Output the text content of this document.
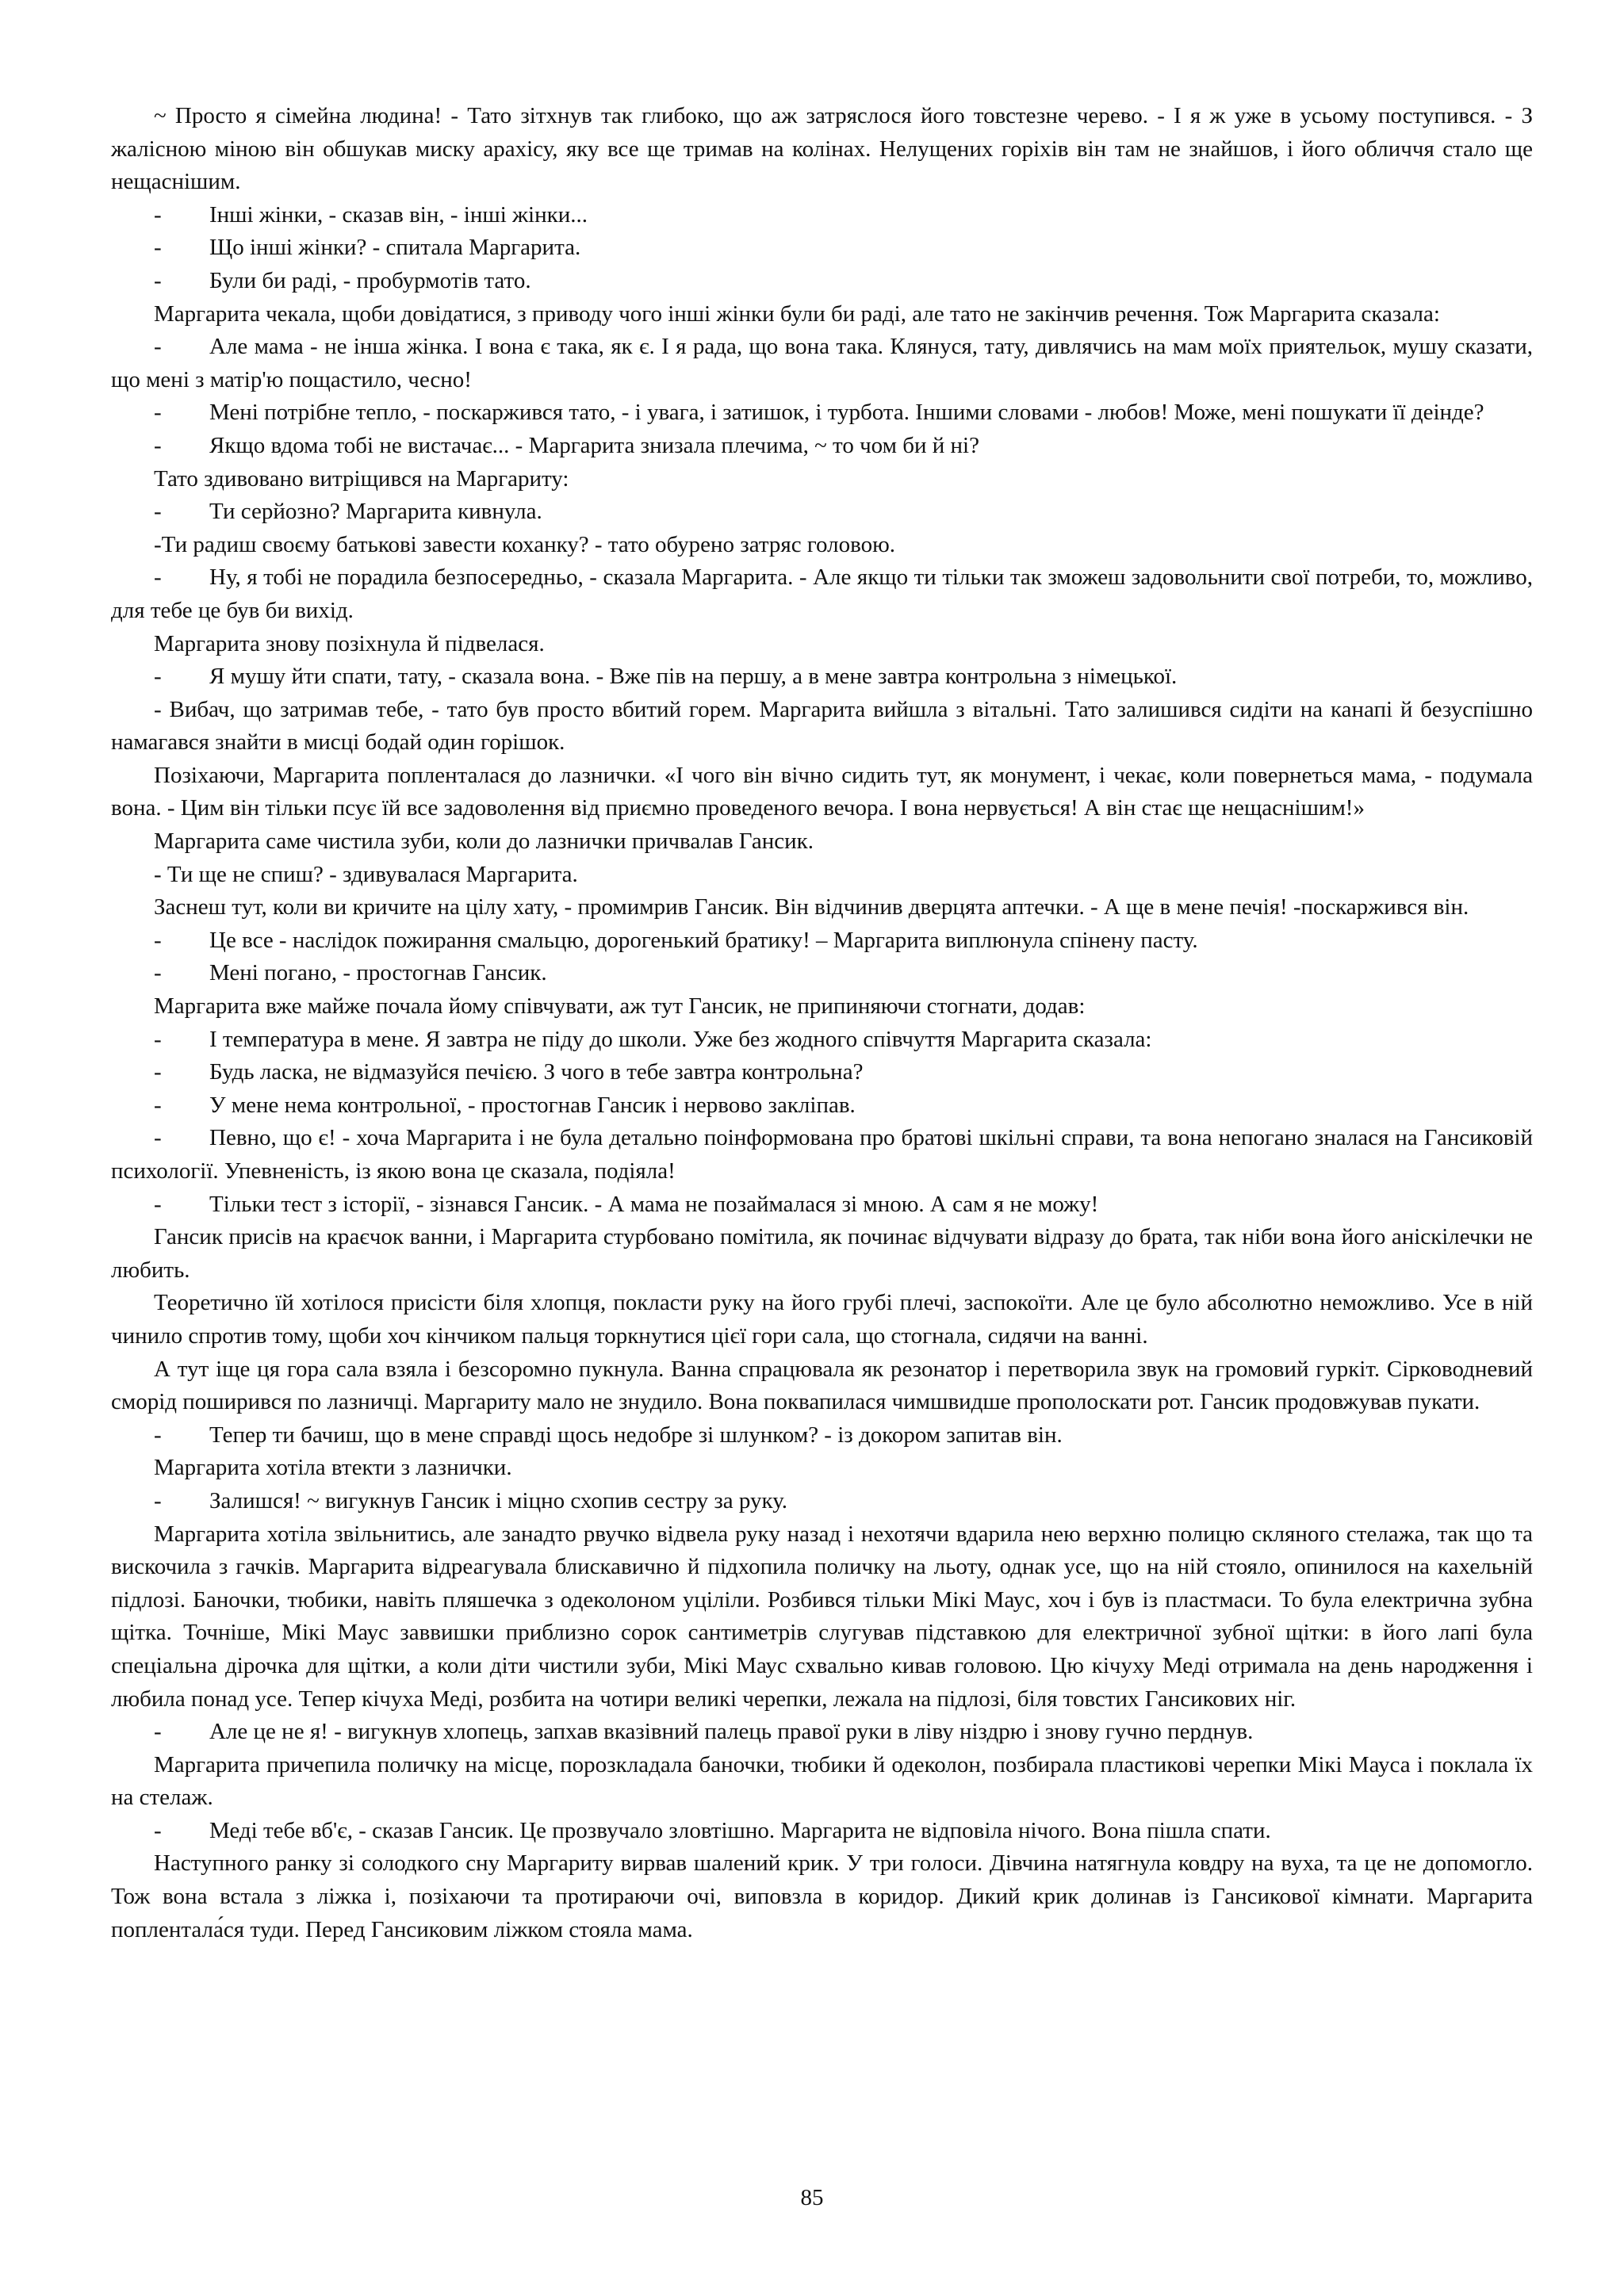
~ Просто я сімейна людина! - Тато зітхнув так глибоко, що аж затряслося його товстезне черево. - І я ж уже в усьому поступився. - З жалісною міною він обшукав миску арахісу, яку все ще тримав на колінах. Нелущених горіхів він там не знайшов, і його обличчя стало ще нещаснішим.

- Інші жінки, - сказав він, - інші жінки...

- Що інші жінки? - спитала Маргарита.

- Були би раді, - пробурмотів тато.

Маргарита чекала, щоби довідатися, з приводу чого інші жінки були би раді, але тато не закінчив речення. Тож Маргарита сказала:

- Але мама - не інша жінка. І вона є така, як є. І я рада, що вона така. Клянуся, тату, дивлячись на мам моїх приятельок, мушу сказати, що мені з матір'ю пощастило, чесно!

- Мені потрібне тепло, - поскаржився тато, - і увага, і затишок, і турбота. Іншими словами - любов! Може, мені пошукати її деінде?

- Якщо вдома тобі не вистачає... - Маргарита знизала плечима, ~ то чом би й ні?

Тато здивовано витріщився на Маргариту:

- Ти серйозно? Маргарита кивнула.

-Ти радиш своєму батькові завести коханку? - тато обурено затряс головою.

- Ну, я тобі не порадила безпосередньо, - сказала Маргарита. - Але якщо ти тільки так зможеш задовольнити свої потреби, то, можливо, для тебе це був би вихід.

Маргарита знову позіхнула й підвелася.

- Я мушу йти спати, тату, - сказала вона. - Вже пів на першу, а в мене завтра контрольна з німецької.

- Вибач, що затримав тебе, - тато був просто вбитий горем. Маргарита вийшла з вітальні. Тато залишився сидіти на канапі й безуспішно намагався знайти в мисці бодай один горішок.

Позіхаючи, Маргарита попленталася до лазнички. «І чого він вічно сидить тут, як монумент, і чекає, коли повернеться мама, - подумала вона. - Цим він тільки псує їй все задоволення від приємно проведеного вечора. І вона нервується! А він стає ще нещаснішим!»

Маргарита саме чистила зуби, коли до лазнички причвалав Гансик.

- Ти ще не спиш? - здивувалася Маргарита.

Заснеш тут, коли ви кричите на цілу хату, - промимрив Гансик. Він відчинив дверцята аптечки. - А ще в мене печія! -поскаржився він.

- Це все - наслідок пожирання смальцю, дорогенький братику! – Маргарита виплюнула спінену пасту.

- Мені погано, - простогнав Гансик.

Маргарита вже майже почала йому співчувати, аж тут Гансик, не припиняючи стогнати, додав:

- І температура в мене. Я завтра не піду до школи. Уже без жодного співчуття Маргарита сказала:

- Будь ласка, не відмазуйся печією. З чого в тебе завтра контрольна?

- У мене нема контрольної, - простогнав Гансик і нервово закліпав.

- Певно, що є! - хоча Маргарита і не була детально поінформована про братові шкільні справи, та вона непогано зналася на Гансиковій психології. Упевненість, із якою вона це сказала, подіяла!

- Тільки тест з історії, - зізнався Гансик. - А мама не позаймалася зі мною. А сам я не можу!

Гансик присів на краєчок ванни, і Маргарита стурбовано помітила, як починає відчувати відразу до брата, так ніби вона його аніскілечки не любить.

Теоретично їй хотілося присісти біля хлопця, покласти руку на його грубі плечі, заспокоїти. Але це було абсолютно неможливо. Усе в ній чинило спротив тому, щоби хоч кінчиком пальця торкнутися цієї гори сала, що стогнала, сидячи на ванні.

А тут іще ця гора сала взяла і безсоромно пукнула. Ванна спрацювала як резонатор і перетворила звук на громовий гуркіт. Сірководневий сморід поширився по лазничці. Маргариту мало не знудило. Вона поквапилася чимшвидше прополоскати рот. Гансик продовжував пукати.

- Тепер ти бачиш, що в мене справді щось недобре зі шлунком? - із докором запитав він.

Маргарита хотіла втекти з лазнички.

- Залишся! ~ вигукнув Гансик і міцно схопив сестру за руку.

Маргарита хотіла звільнитись, але занадто рвучко відвела руку назад і нехотячи вдарила нею верхню полицю скляного стелажа, так що та вискочила з гачків. Маргарита відреагувала блискавично й підхопила поличку на льоту, однак усе, що на ній стояло, опинилося на кахельній підлозі. Баночки, тюбики, навіть пляшечка з одеколоном уціліли. Розбився тільки Мікі Маус, хоч і був із пластмаси. То була електрична зубна щітка. Точніше, Мікі Маус заввишки приблизно сорок сантиметрів слугував підставкою для електричної зубної щітки: в його лапі була спеціальна дірочка для щітки, а коли діти чистили зуби, Мікі Маус схвально кивав головою. Цю кічуху Меді отримала на день народження і любила понад усе. Тепер кічуха Меді, розбита на чотири великі черепки, лежала на підлозі, біля товстих Гансикових ніг.

- Але це не я! - вигукнув хлопець, запхав вказівний палець правої руки в ліву ніздрю і знову гучно перднув.

Маргарита причепила поличку на місце, порозкладала баночки, тюбики й одеколон, позбирала пластикові черепки Мікі Мауса і поклала їх на стелаж.

- Меді тебе вб'є, - сказав Гансик. Це прозвучало зловтішно. Маргарита не відповіла нічого. Вона пішла спати.

Наступного ранку зі солодкого сну Маргариту вирвав шалений крик. У три голоси. Дівчина натягнула ковдру на вуха, та це не допомогло. Тож вона встала з ліжка і, позіхаючи та протираючи очі, виповзла в коридор. Дикий крик долинав із Гансикової кімнати. Маргарита поплентала́ся туди. Перед Гансиковим ліжком стояла мама.

85
